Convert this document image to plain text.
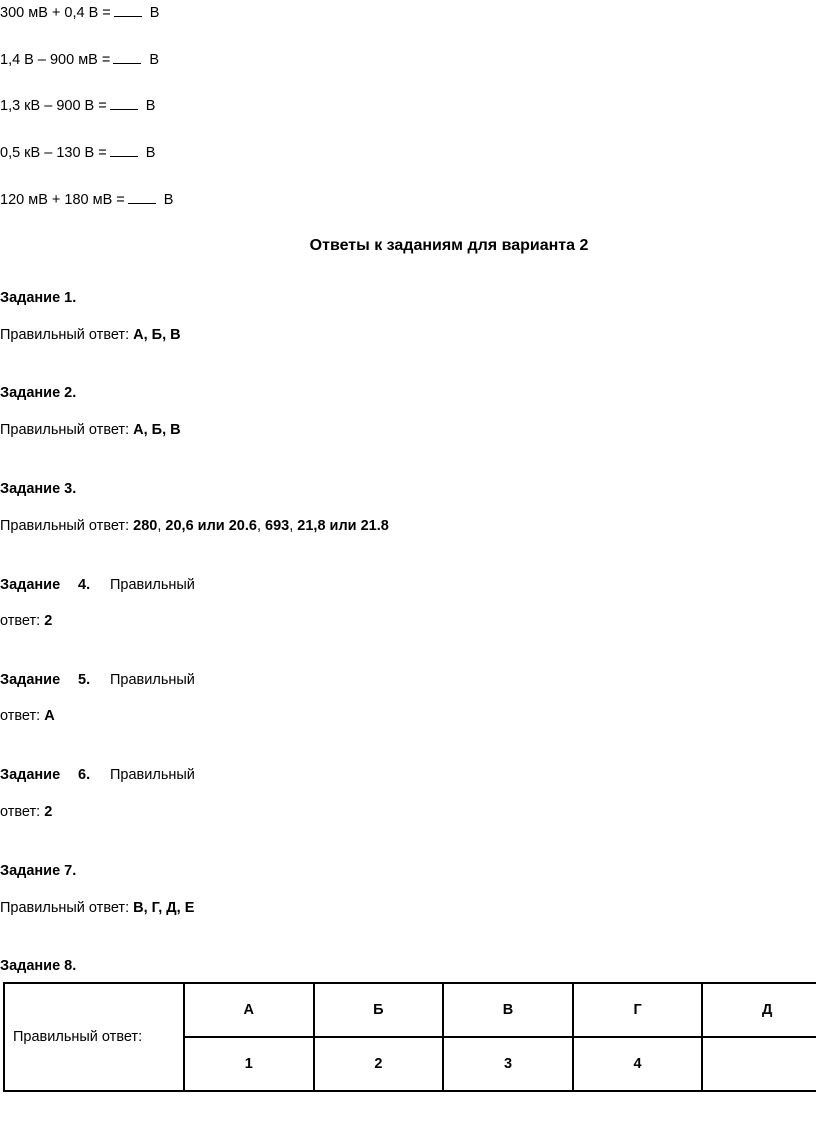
300 мВ + 0,4 В =	В
1,4 В – 900 мВ =	В
1,3 кВ – 900 В =	В
0,5 кВ – 130 В =	В
120 мВ + 180 мВ =	В
Ответы к заданиям для варианта 2
Задание 1.
Правильный ответ: А, Б, В
Задание 2.
Правильный ответ: А, Б, В
Задание 3.
Правильный ответ: 280, 20,6 или 20.6, 693, 21,8 или 21.8
Задание 4. Правильный
ответ: 2
Задание 5. Правильный
ответ: А
Задание 6. Правильный
ответ: 2
Задание 7.
Правильный ответ: В, Г, Д, Е
Задание 8.
Правильный ответ:	А	Б	В	Г	Д
	1	2	3	4	
